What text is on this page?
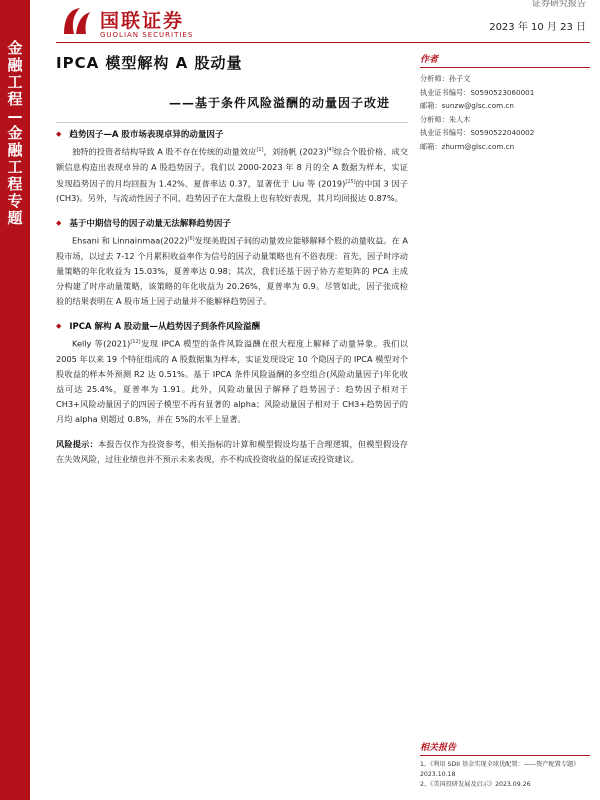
金融工程—金融工程专题
国联证券
GUOLIAN SECURITIES
证券研究报告
2023 年 10 月 23 日
IPCA 模型解构 A 股动量
——基于条件风险溢酬的动量因子改进
◆ 趋势因子—A 股市场表现卓异的动量因子

独特的投资者结构导致 A 股不存在传统的动量效应[1]，刘扬帆 (2023)[4]综合个股价格、成交额信息构造出表现卓异的 A 股趋势因子。我们以 2000-2023 年 8 月的全 A 数据为样本，实证发现趋势因子的月均回报为 1.42%、夏普率达 0.37，显著优于 Liu 等 (2019)[25]的中国 3 因子(CH3)。另外，与流动性因子不同，趋势因子在大盘股上也有较好表现，其月均回报达 0.87%。

◆ 基于中期信号的因子动量无法解释趋势因子

Ehsani 和 Linnainmaa(2022)[6]发现美股因子间的动量效应能够解释个股的动量收益。在 A 股市场，以过去 7-12 个月累积收益率作为信号的因子动量策略也有不俗表现：首先，因子时序动量策略的年化收益为 15.03%，夏普率达 0.98；其次，我们还基于因子协方差矩阵的 PCA 主成分构建了时序动量策略，该策略的年化收益为 20.26%，夏普率为 0.9。尽管如此，因子张成检验的结果表明在 A 股市场上因子动量并不能解释趋势因子。

◆ IPCA 解构 A 股动量—从趋势因子到条件风险溢酬

Kelly 等(2021)[12]发现 IPCA 模型的条件风险溢酬在很大程度上解释了动量异象。我们以 2005 年以来 19 个特征组成的 A 股数据集为样本，实证发现设定 10 个隐因子的 IPCA 模型对个股收益的样本外预测 R2 达 0.51%。基于 IPCA 条件风险溢酬的多空组合(风险动量因子)年化收益可达 25.4%，夏普率为 1.91。此外，风险动量因子解释了趋势因子：趋势因子相对于 CH3+风险动量因子的四因子模型不再有显著的 alpha；风险动量因子相对于 CH3+趋势因子的月均 alpha 则超过 0.8%，并在 5%的水平上显著。

风险提示：本报告仅作为投资参考，相关指标的计算和模型假设均基于合理逻辑，但模型假设存在失效风险，过往业绩也并不预示未来表现，亦不构成投资收益的保证或投资建议。
作者
分析师：孙子文
执业证书编号：S0590523060001
邮箱：sunzw@glsc.com.cn
分析师：朱人木
执业证书编号：S0590522040002
邮箱：zhurm@glsc.com.cn
相关报告
1、《利用 SDII 基金实现全球优配置：——资产配置专题》2023.10.18
2、《美国投研发展及启示》2023.09.26
